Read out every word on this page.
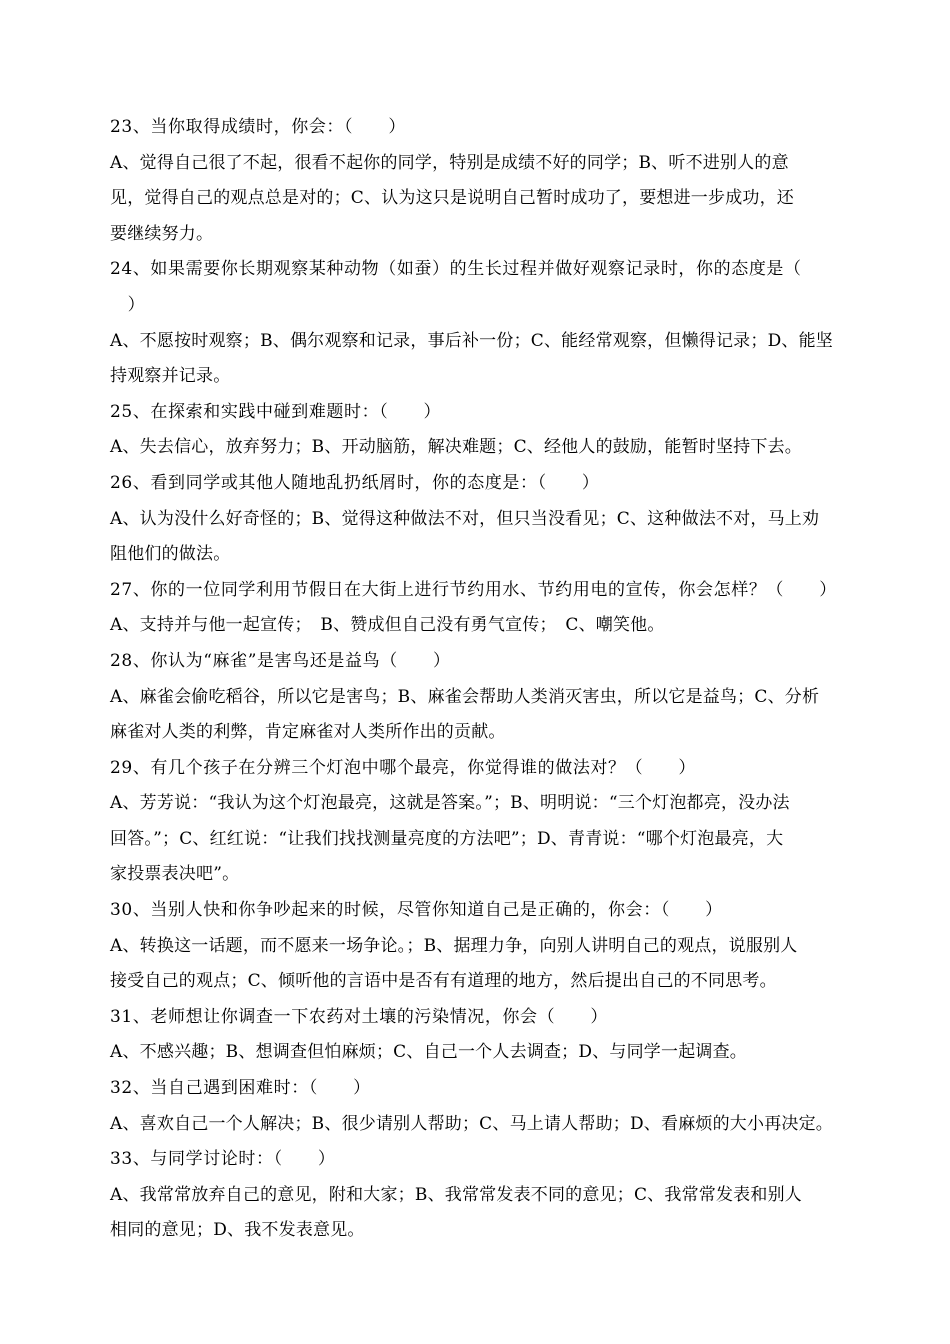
23、当你取得成绩时，你会：（　　）
A、觉得自己很了不起，很看不起你的同学，特别是成绩不好的同学；B、听不进别人的意
见，觉得自己的观点总是对的；C、认为这只是说明自己暂时成功了，要想进一步成功，还
要继续努力。
24、如果需要你长期观察某种动物（如蚕）的生长过程并做好观察记录时，你的态度是（
　）
A、不愿按时观察；B、偶尔观察和记录，事后补一份；C、能经常观察，但懒得记录；D、能坚
持观察并记录。
25、在探索和实践中碰到难题时：（　　）
A、失去信心，放弃努力；B、开动脑筋，解决难题；C、经他人的鼓励，能暂时坚持下去。
26、看到同学或其他人随地乱扔纸屑时，你的态度是：（　　）
A、认为没什么好奇怪的；B、觉得这种做法不对，但只当没看见；C、这种做法不对，马上劝
阻他们的做法。
27、你的一位同学利用节假日在大街上进行节约用水、节约用电的宣传，你会怎样？（　　）
A、支持并与他一起宣传；　B、赞成但自己没有勇气宣传；　C、嘲笑他。
28、你认为“麻雀”是害鸟还是益鸟（　　）
A、麻雀会偷吃稻谷，所以它是害鸟；B、麻雀会帮助人类消灭害虫，所以它是益鸟；C、分析
麻雀对人类的利弊，肯定麻雀对人类所作出的贡献。
29、有几个孩子在分辨三个灯泡中哪个最亮，你觉得谁的做法对？（　　）
A、芳芳说：“我认为这个灯泡最亮，这就是答案。”；B、明明说：“三个灯泡都亮，没办法
回答。”；C、红红说：“让我们找找测量亮度的方法吧”；D、青青说：“哪个灯泡最亮，大
家投票表决吧”。
30、当别人快和你争吵起来的时候，尽管你知道自己是正确的，你会：（　　）
A、转换这一话题，而不愿来一场争论。；B、据理力争，向别人讲明自己的观点，说服别人
接受自己的观点；C、倾听他的言语中是否有有道理的地方，然后提出自己的不同思考。
31、老师想让你调查一下农药对土壤的污染情况，你会（　　）
A、不感兴趣；B、想调查但怕麻烦；C、自己一个人去调查；D、与同学一起调查。
32、当自己遇到困难时：（　　）
A、喜欢自己一个人解决；B、很少请别人帮助；C、马上请人帮助；D、看麻烦的大小再决定。
33、与同学讨论时：（　　）
A、我常常放弃自己的意见，附和大家；B、我常常发表不同的意见；C、我常常发表和别人
相同的意见；D、我不发表意见。
